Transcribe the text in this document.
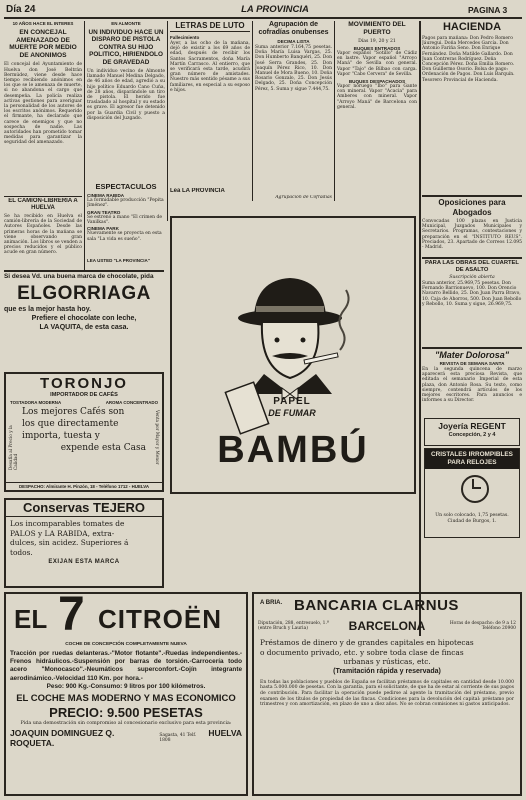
Día 24	LA PROVINCIA	PAGINA 3
10 AÑOS HACE EL INTERES
EN CONCEJAL AMENAZADO DE MUERTE POR MEDIO DE ANONIMOS
El concejal del Ayuntamiento de Huelva don José Beltrán Bermúdez, viene desde hace tiempo recibiendo anónimos en los que se le amenaza de muerte, si no abandona el cargo que desempeña. La policía realiza activas gestiones para averiguar la personalidad de los autores de los escritos anónimos. Requerido el firmante, ha declarado que carece de enemigos y que no sospecha de nadie. Las autoridades han prometido tomar medidas para garantizar la seguridad del amenazado.
EL CAMION-LIBRERIA A HUELVA
Se ha recibido en Huelva el camión-librería de la Sociedad de Autores Españoles. Desde las primeras horas de la mañana se viene observando gran animación. Los libros se venden a precios reducidos y el público acude en gran número.
EN ALMONTE
UN INDIVIDUO HACE UN DISPARO DE PISTOLA CONTRA SU HIJO POLITICO, HIRIENDOLO DE GRAVEDAD
Un individuo vecino de Almonte llamado Manuel Medina Delgado, de 46 años de edad, agredió a su hijo político Eduardo Cano Cuña, de 28 años, disparándole un tiro de pistola. El herido fue trasladado al hospital y su estado es grave. El agresor fue detenido por la Guardia Civil y puesto a disposición del Juzgado.
ESPECTACULOS
CINEMA RABIDA
La formidable producción "Pepita Jiménez".
GRAN TEATRO
Se estrenó a mano "El crimen de Vanilkas".
CINEMA PARK
Nuevamente se proyecta en esta sala "La vida es sueño".
LEA USTED "LA PROVINCIA"
LETRAS DE LUTO
Fallecimiento
Ayer, a las ocho de la mañana, dejó de existir a los 69 años de edad, después de recibir los Santos Sacramentos, doña María Martín Carrasco. Al entierro, que se verificará esta tarde, acudirá gran número de amistades. Nuestro más sentido pésame a sus familiares, en especial a su esposo e hijos.
Lea LA PROVINCIA
Agrupación de cofradías onubenses
DECIMA LISTA
Suma anterior 7.164,75 pesetas. Doña María Luisa Vargas, 25. Don Humberto Banquéri, 25. Don José Serra Grandes, 25. Don Joaquín Pérez Rico, 10. Don Manuel de Mora Bueno, 10. Doña Rosario Gonzalo, 25. Don Jesús Delgado, 25. Doña Concepción Pérez, 5. Suma y sigue 7.444,75.
Agrupación de Cofradías
MOVIMIENTO DEL PUERTO
Días 19, 20 y 21
BUQUES ENTRADOS
Vapor español "Sotillo" de Cádiz en lastre. Vapor español "Arroyo Maná" de Sevilla con general. Vapor "Tajo" de Bilbao con carga. Vapor "Cabo Cervera" de Sevilla.
BUQUES DESPACHADOS
Vapor noruego "Ibo" para Gante con mineral. Vapor "Acacia" para Amberes con mineral. Vapor "Arroyo Maná" de Barcelona con general.
HACIENDA
Pagos para mañana: Don Pedro Romero Jáuregui. Doña Mercedes García. Don Antonio Fariña Seno. Don Enrique Fernández. Doña Matilde Gallardo. Don Juan Contreras Rodríguez. Doña Concepción Pérez. Doña Emilia Romero. Don Guillermo Osorio. Bolsa de pago: Ordenación de Pagos. Don Luis Barquín. Tesorero Provincial de Hacienda.
Oposiciones para Abogados
Convocadas 100 plazas en Justicia Municipal, Juzgados Municipales y Secretarios. Programas, contestaciones y preparación en el "INSTITUTO REUS". Preciados, 23. Apartado de Correos 12.095 - Madrid.
PARA LAS OBRAS DEL CUARTEL DE ASALTO
Suscripción abierta
Suma anterior, 25.969,75 pesetas. Don Fernando Barrionuevo, 100. Don Orencio Navarro Bellido, 25. Don Juan Parra Bravo, 10. Caja de Ahorros, 500. Don Juan Rebollo y Rebollo, 10. Suma y sigue, 26.969,75.
"Mater Dolorosa"
REVISTA DE SEMANA SANTA
En la segunda quincena de marzo aparecerá esta preciosa Revista, que editada el semanario Imperial de esta plaza, don Antonio Rosa. Su texto, como siempre, contendrá artículos de los mejores escritores. Para anuncios e informes a su Director.
Joyería REGENT
Concepción, 2 y 4
CRISTALES IRROMPIBLES PARA RELOJES
Un solo colocado, 1,75 pesetas.
Ciudad de Burgos, 1.
Si desea Vd. una buena marca de chocolate, pida
ELGORRIAGA
que es la mejor hasta hoy.
Prefiere el chocolate con leche,
LA VAQUITA, de esta casa.
TORONJO
IMPORTADOR DE CAFÉS
TOSTADORA MODERNA	AROMA CONCENTRADO
Desafía al Precio y la Calidad	Venta por Mayor y Menor
Los mejores Cafés son
los que directamente
importa, tuesta y
expende esta Casa
DESPACHO: Almirante H. Pinzón, 18 - Teléfono 1712 - HUELVA
PAPEL
DE FUMAR
BAMBÚ
Conservas TEJERO
Los incomparables tomates de
PALOS y LA RABIDA, extra-
dulces, sin acidez. Superiores á
todos.
EXIJAN ESTA MARCA
EL 7 CITROËN
COCHE DE CONCEPCIÓN COMPLETAMENTE NUEVA
Tracción por ruedas delanteras.-"Motor flotante".-Ruedas independientes.-Frenos hidráulicos.-Suspensión por barras de torsión.-Carrocería todo acero "Monocasco".-Neumáticos superconfort.-Cojín integrante aerodinámico.-Velocidad 110 Km. por hora.-
Peso: 900 Kg.-Consumo: 9 litros por 100 kilómetros.
EL COCHE MAS MODERNO Y MAS ECONOMICO
PRECIO: 9.500 PESETAS
Pida una demostración sin compromiso al concesionario exclusivo para esta provincia:
JOAQUIN DOMINGUEZ Q. ROQUETA.
Sagasta, 41 Telf. 1808
HUELVA
A BRIA. BANCARIA CLARNUS
Diputación, 288, entresuelo, 1.ª (entre Bruch y Lauria)	BARCELONA	Horas de despacho: de 9 a 12 Teléfono 20900
Préstamos de dinero y de grandes capitales en hipotecas
o documento privado, etc. y sobre toda clase de fincas
urbanas y rústicas, etc.
(Tramitación rápida y reservada)
En todas las poblaciones y pueblos de España se facilitan préstamos de capitales en cantidad desde 10.000 hasta 5.000.000 de pesetas. Con la garantía, para el solicitante, de que ha de estar al corriente de sus pagos de contribución. Para facilitar la operación puede pedirse al agente la tramitación del préstamo, previo examen de los títulos de propiedad de las fincas. Condiciones para la devolución del capital: préstamo por trimestres y con amortización, en plazo de uno a diez años. No se cobran comisiones ni gastos anticipados.
